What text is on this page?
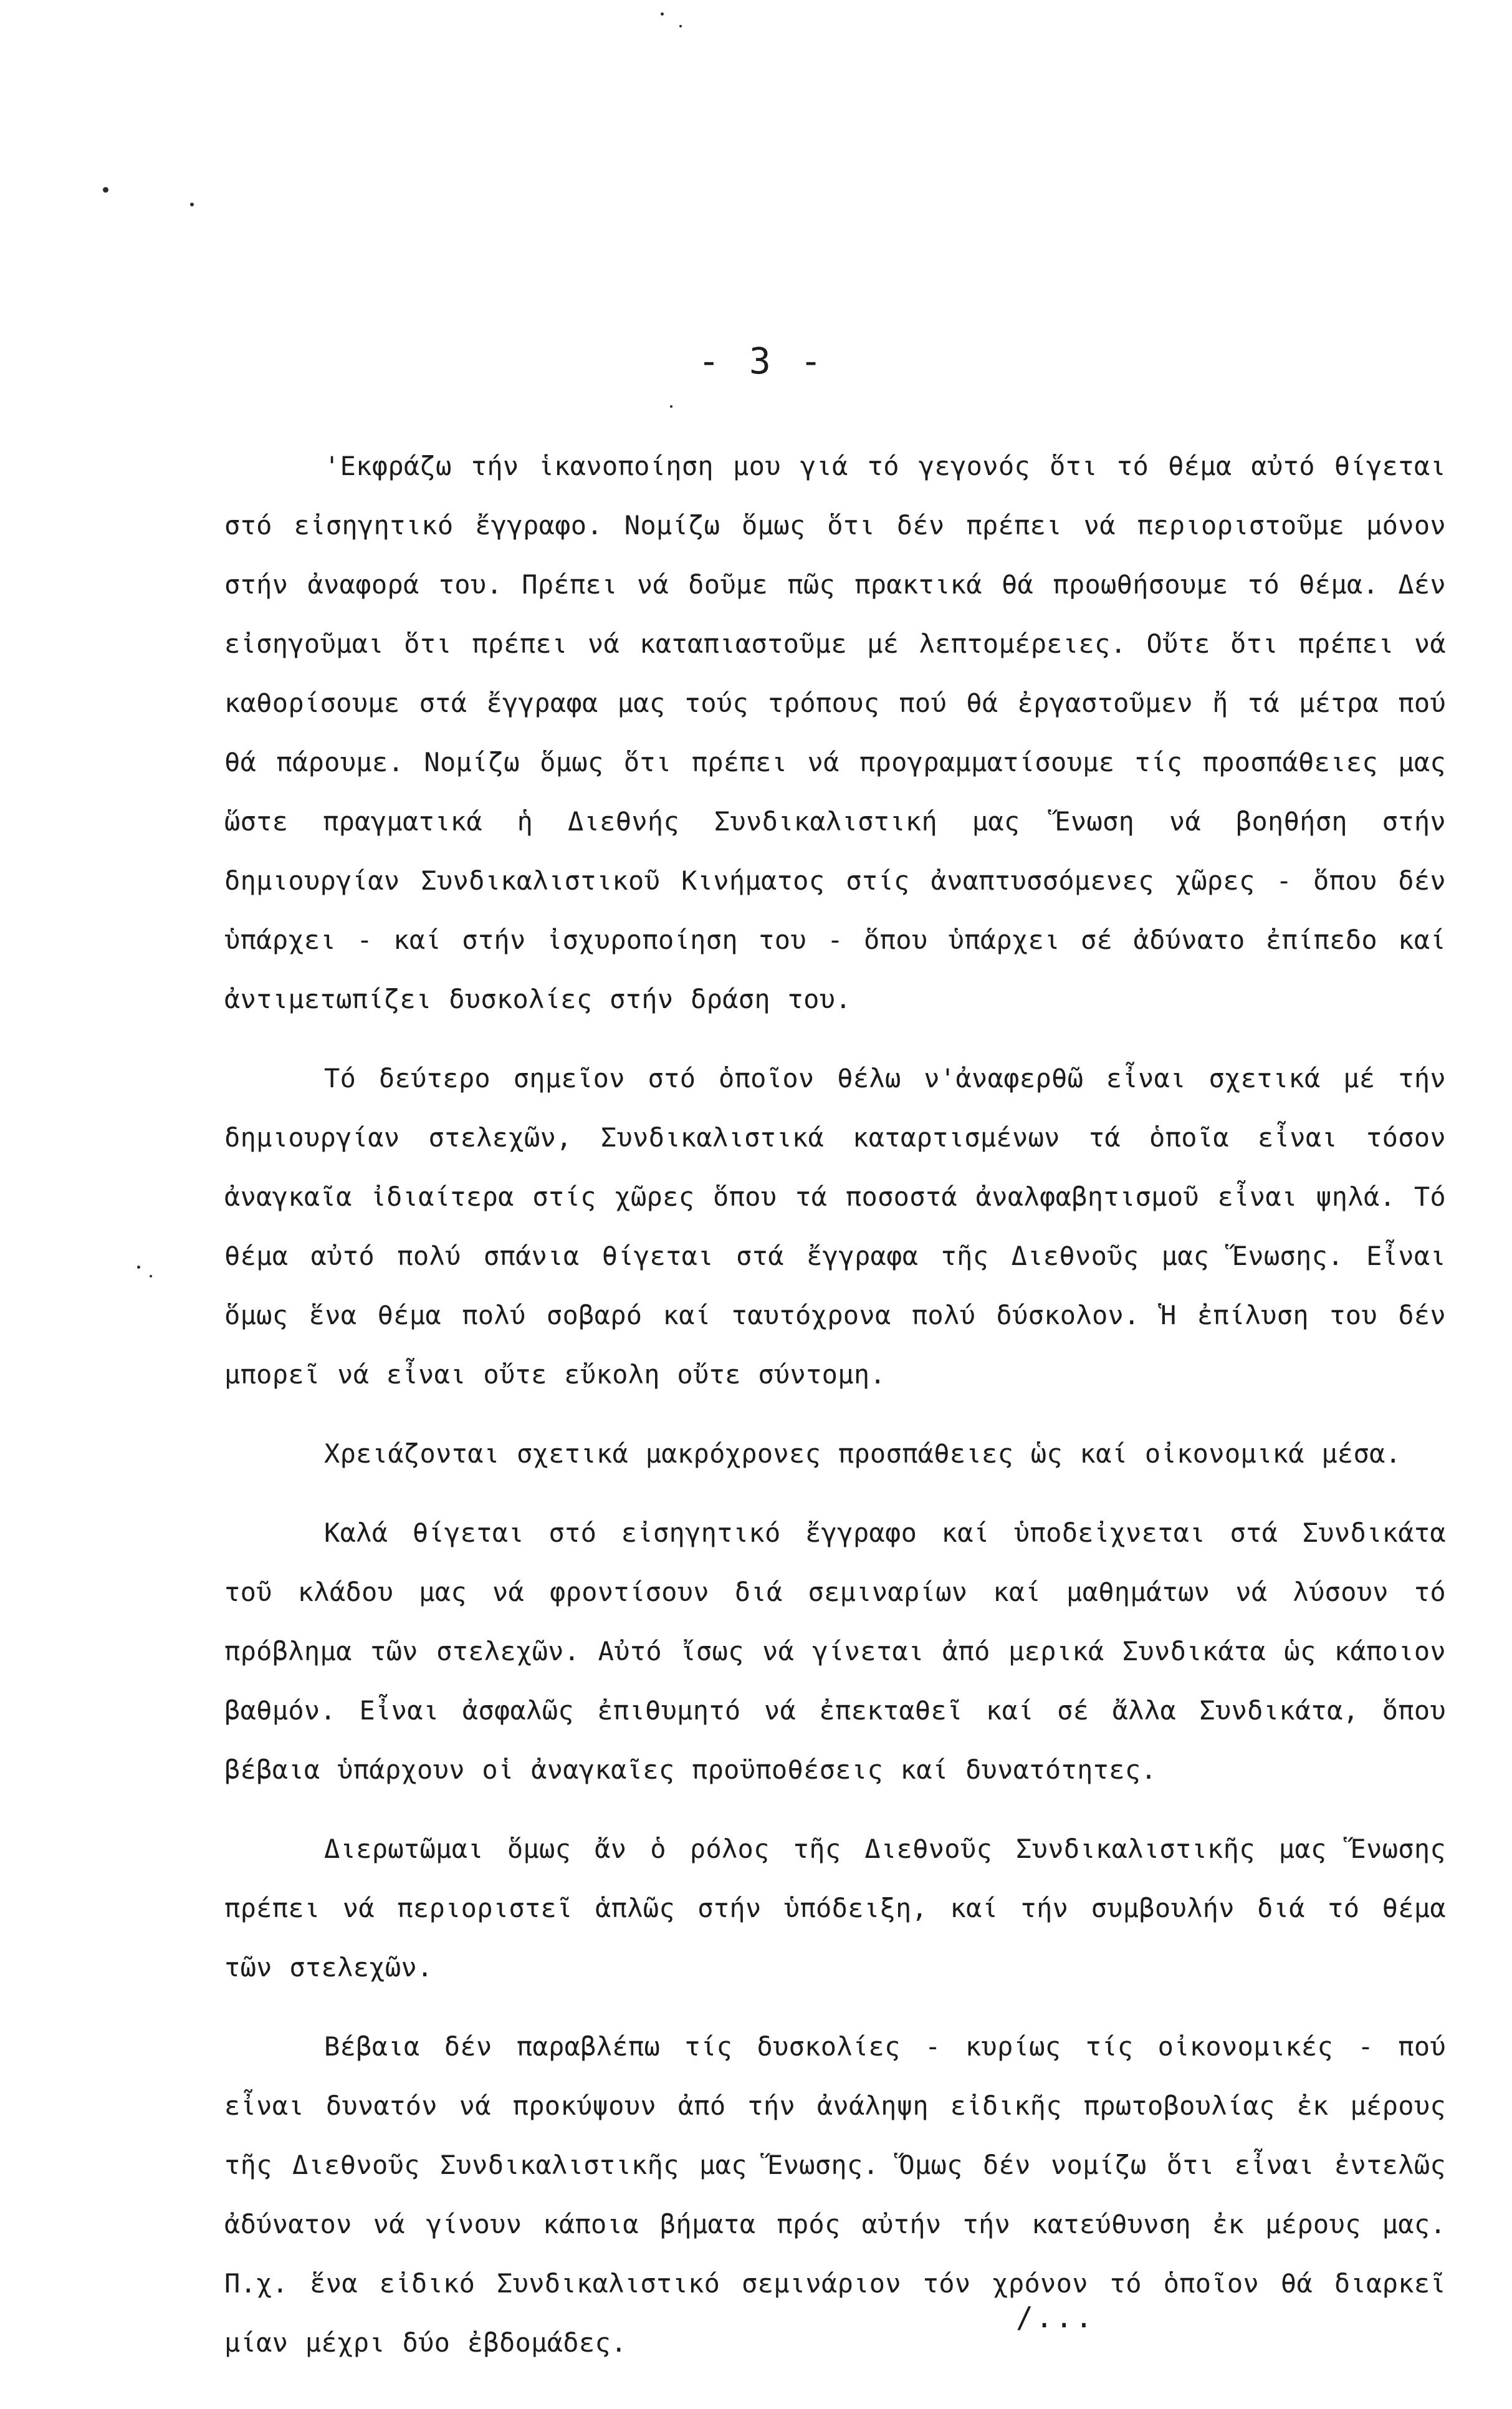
- 3 -

'Εκφράζω τήν ἱκανοποίηση μου γιά τό γεγονός ὅτι τό θέμα αὐτό θίγεται στό εἰσηγητικό ἔγγραφο. Νομίζω ὅμως ὅτι δέν πρέπει νά περιοριστοῦμε μόνον στήν ἀναφορά του. Πρέπει νά δοῦμε πῶς πρακτικά θά προωθήσουμε τό θέμα. Δέν εἰσηγοῦμαι ὅτι πρέπει νά καταπιαστοῦμε μέ λεπτομέρειες. Οὔτε ὅτι πρέπει νά καθορίσουμε στά ἔγγραφα μας τούς τρόπους πού θά ἐργαστοῦμεν ἤ τά μέτρα πού θά πάρουμε. Νομίζω ὅμως ὅτι πρέπει νά προγραμματίσουμε τίς προσπάθειες μας ὥστε πραγματικά ἡ Διεθνής Συνδικαλιστική μας Ἕνωση νά βοηθήση στήν δημιουργίαν Συνδικαλιστικοῦ Κινήματος στίς ἀναπτυσσόμενες χῶρες - ὅπου δέν ὑπάρχει - καί στήν ἰσχυροποίηση του - ὅπου ὑπάρχει σέ ἀδύνατο ἐπίπεδο καί ἀντιμετωπίζει δυσκολίες στήν δράση του.

Τό δεύτερο σημεῖον στό ὁποῖον θέλω ν'ἀναφερθῶ εἶναι σχετικά μέ τήν δημιουργίαν στελεχῶν, Συνδικαλιστικά καταρτισμένων τά ὁποῖα εἶναι τόσον ἀναγκαῖα ἰδιαίτερα στίς χῶρες ὅπου τά ποσοστά ἀναλφαβητισμοῦ εἶναι ψηλά. Τό θέμα αὐτό πολύ σπάνια θίγεται στά ἔγγραφα τῆς Διεθνοῦς μας Ἕνωσης. Εἶναι ὅμως ἕνα θέμα πολύ σοβαρό καί ταυτόχρονα πολύ δύσκολον. Ἡ ἐπίλυση του δέν μπορεῖ νά εἶναι οὔτε εὔκολη οὔτε σύντομη.

Χρειάζονται σχετικά μακρόχρονες προσπάθειες ὡς καί οἰκονομικά μέσα.

Καλά θίγεται στό εἰσηγητικό ἔγγραφο καί ὑποδεἰχνεται στά Συνδικάτα τοῦ κλάδου μας νά φροντίσουν διά σεμιναρίων καί μαθημάτων νά λύσουν τό πρόβλημα τῶν στελεχῶν. Αὐτό ἴσως νά γίνεται ἀπό μερικά Συνδικάτα ὡς κάποιον βαθμόν. Εἶναι ἀσφαλῶς ἐπιθυμητό νά ἐπεκταθεῖ καί σέ ἄλλα Συνδικάτα, ὅπου βέβαια ὑπάρχουν οἱ ἀναγκαῖες προϋποθέσεις καί δυνατότητες.

Διερωτῶμαι ὅμως ἄν ὁ ρόλος τῆς Διεθνοῦς Συνδικαλιστικῆς μας Ἕνωσης πρέπει νά περιοριστεῖ ἁπλῶς στήν ὑπόδειξη, καί τήν συμβουλήν διά τό θέμα τῶν στελεχῶν.

Βέβαια δέν παραβλέπω τίς δυσκολίες - κυρίως τίς οἰκονομικές - πού εἶναι δυνατόν νά προκύψουν ἀπό τήν ἀνάληψη εἰδικῆς πρωτοβουλίας ἐκ μέρους τῆς Διεθνοῦς Συνδικαλιστικῆς μας Ἕνωσης. Ὅμως δέν νομίζω ὅτι εἶναι ἐντελῶς ἀδύνατον νά γίνουν κάποια βήματα πρός αὐτήν τήν κατεύθυνση ἐκ μέρους μας. Π.χ. ἕνα εἰδικό Συνδικαλιστικό σεμινάριον τόν χρόνον τό ὁποῖον θά διαρκεῖ μίαν μέχρι δύο ἐβδομάδες.

/...
